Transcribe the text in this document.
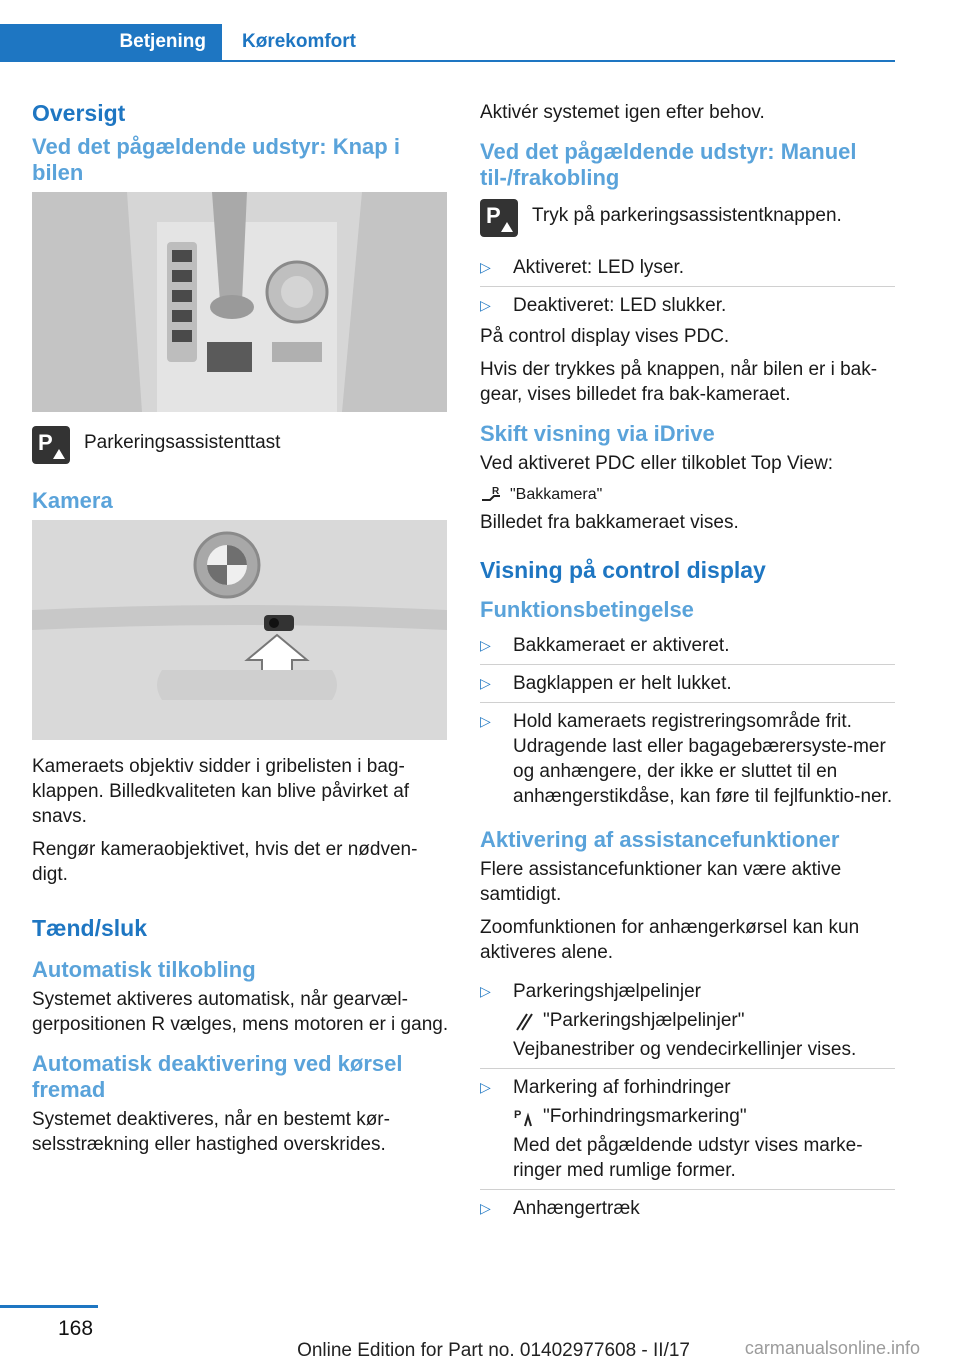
Betjening	Kørekomfort
Oversigt
Ved det pågældende udstyr: Knap i bilen
P Parkeringsassistenttast
Kamera

Kameraets objektiv sidder i gribelisten i bag-klappen. Billedkvaliteten kan blive påvirket af snavs.

Rengør kameraobjektivet, hvis det er nødven-digt.

Tænd/sluk
Automatisk tilkobling

Systemet aktiveres automatisk, når gearvæl-gerpositionen R vælges, mens motoren er i gang.

Automatisk deaktivering ved kørsel fremad

Systemet deaktiveres, når en bestemt kør-selsstrækning eller hastighed overskrides.

Aktivér systemet igen efter behov.

Ved det pågældende udstyr: Manuel til-/frakobling
P Tryk på parkeringsassistentknappen.
▷	Aktiveret: LED lyser.
▷	Deaktiveret: LED slukker.

På control display vises PDC.

Hvis der trykkes på knappen, når bilen er i bak-gear, vises billedet fra bak-kameraet.

Skift visning via iDrive

Ved aktiveret PDC eller tilkoblet Top View:

R "Bakkamera"

Billedet fra bakkameraet vises.

Visning på control display
Funktionsbetingelse
▷	Bakkameraet er aktiveret.
▷	Bagklappen er helt lukket.
▷	Hold kameraets registreringsområde frit. Udragende last eller bagagebærersyste-mer og anhængere, der ikke er sluttet til en anhængerstikdåse, kan føre til fejlfunktio-ner.
Aktivering af assistancefunktioner

Flere assistancefunktioner kan være aktive samtidigt.

Zoomfunktionen for anhængerkørsel kan kun aktiveres alene.

▷	Parkeringshjælpelinjer
"Parkeringshjælpelinjer"
Vejbanestriber og vendecirkellinjer vises.
▷	Markering af forhindringer
P "Forhindringsmarkering"
Med det pågældende udstyr vises marke-ringer med rumlige former.
▷	Anhængertræk
168
Online Edition for Part no. 01402977608 - II/17	carmanualsonline.info
